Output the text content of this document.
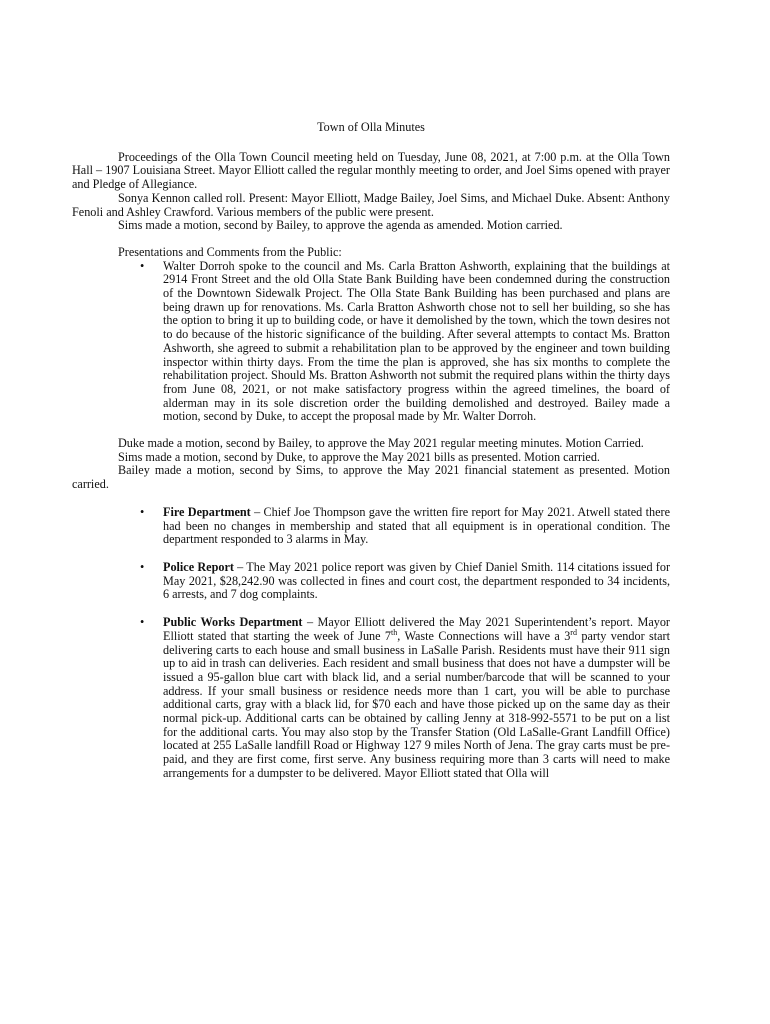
Town of Olla Minutes

Proceedings of the Olla Town Council meeting held on Tuesday, June 08, 2021, at 7:00 p.m. at the Olla Town Hall – 1907 Louisiana Street. Mayor Elliott called the regular monthly meeting to order, and Joel Sims opened with prayer and Pledge of Allegiance.

Sonya Kennon called roll. Present: Mayor Elliott, Madge Bailey, Joel Sims, and Michael Duke. Absent: Anthony Fenoli and Ashley Crawford. Various members of the public were present.

Sims made a motion, second by Bailey, to approve the agenda as amended. Motion carried.

Presentations and Comments from the Public:
• Walter Dorroh spoke to the council and Ms. Carla Bratton Ashworth, explaining that the buildings at 2914 Front Street and the old Olla State Bank Building have been condemned during the construction of the Downtown Sidewalk Project. The Olla State Bank Building has been purchased and plans are being drawn up for renovations. Ms. Carla Bratton Ashworth chose not to sell her building, so she has the option to bring it up to building code, or have it demolished by the town, which the town desires not to do because of the historic significance of the building. After several attempts to contact Ms. Bratton Ashworth, she agreed to submit a rehabilitation plan to be approved by the engineer and town building inspector within thirty days. From the time the plan is approved, she has six months to complete the rehabilitation project. Should Ms. Bratton Ashworth not submit the required plans within the thirty days from June 08, 2021, or not make satisfactory progress within the agreed timelines, the board of alderman may in its sole discretion order the building demolished and destroyed. Bailey made a motion, second by Duke, to accept the proposal made by Mr. Walter Dorroh.

Duke made a motion, second by Bailey, to approve the May 2021 regular meeting minutes. Motion Carried.

Sims made a motion, second by Duke, to approve the May 2021 bills as presented. Motion carried.

Bailey made a motion, second by Sims, to approve the May 2021 financial statement as presented. Motion carried.

• Fire Department – Chief Joe Thompson gave the written fire report for May 2021. Atwell stated there had been no changes in membership and stated that all equipment is in operational condition. The department responded to 3 alarms in May.
• Police Report – The May 2021 police report was given by Chief Daniel Smith. 114 citations issued for May 2021, $28,242.90 was collected in fines and court cost, the department responded to 34 incidents, 6 arrests, and 7 dog complaints.
• Public Works Department – Mayor Elliott delivered the May 2021 Superintendent’s report. Mayor Elliott stated that starting the week of June 7th, Waste Connections will have a 3rd party vendor start delivering carts to each house and small business in LaSalle Parish. Residents must have their 911 sign up to aid in trash can deliveries. Each resident and small business that does not have a dumpster will be issued a 95-gallon blue cart with black lid, and a serial number/barcode that will be scanned to your address. If your small business or residence needs more than 1 cart, you will be able to purchase additional carts, gray with a black lid, for $70 each and have those picked up on the same day as their normal pick-up. Additional carts can be obtained by calling Jenny at 318-992-5571 to be put on a list for the additional carts. You may also stop by the Transfer Station (Old LaSalle-Grant Landfill Office) located at 255 LaSalle landfill Road or Highway 127 9 miles North of Jena. The gray carts must be pre-paid, and they are first come, first serve. Any business requiring more than 3 carts will need to make arrangements for a dumpster to be delivered. Mayor Elliott stated that Olla will
